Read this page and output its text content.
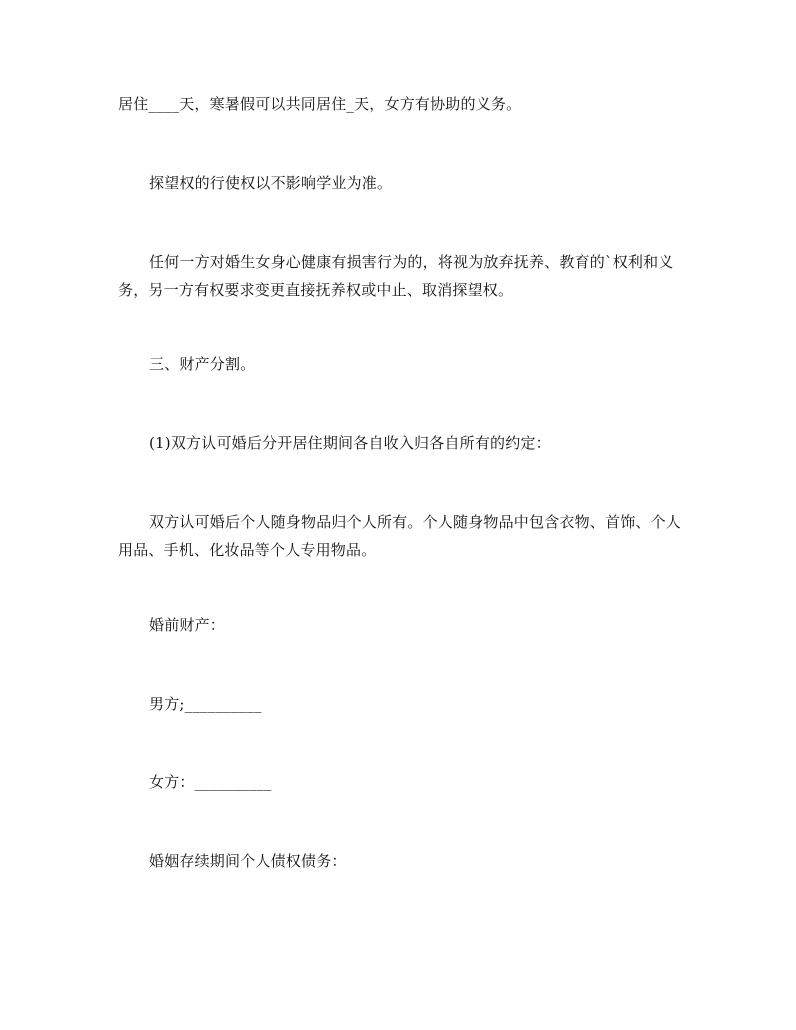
居住____天，寒暑假可以共同居住_天，女方有协助的义务。
探望权的行使权以不影响学业为准。
任何一方对婚生女身心健康有损害行为的，将视为放弃抚养、教育的`权利和义务，另一方有权要求变更直接抚养权或中止、取消探望权。
三、财产分割。
(1)双方认可婚后分开居住期间各自收入归各自所有的约定：
双方认可婚后个人随身物品归个人所有。个人随身物品中包含衣物、首饰、个人用品、手机、化妆品等个人专用物品。
婚前财产：
男方;__________
女方：__________
婚姻存续期间个人债权债务：
